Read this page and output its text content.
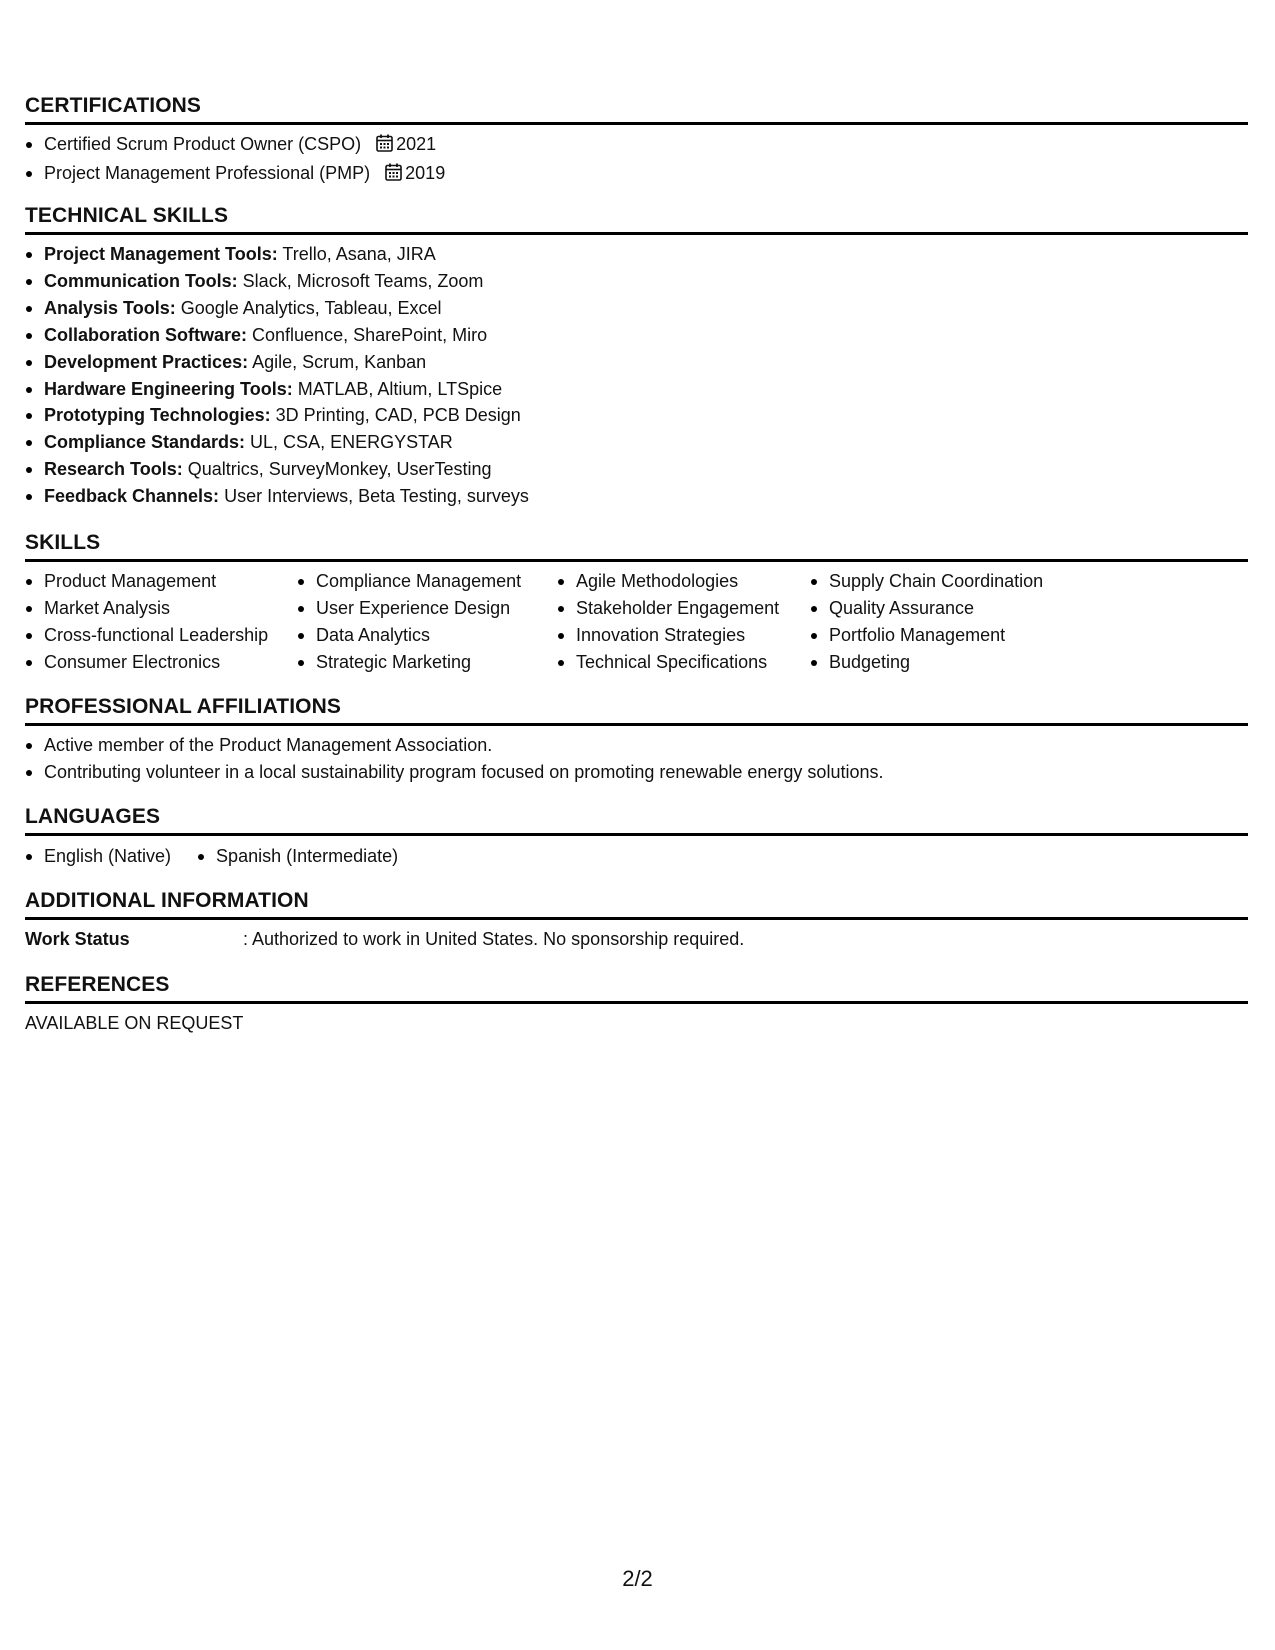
CERTIFICATIONS
Certified Scrum Product Owner (CSPO) 2021
Project Management Professional (PMP) 2019
TECHNICAL SKILLS
Project Management Tools: Trello, Asana, JIRA
Communication Tools: Slack, Microsoft Teams, Zoom
Analysis Tools: Google Analytics, Tableau, Excel
Collaboration Software: Confluence, SharePoint, Miro
Development Practices: Agile, Scrum, Kanban
Hardware Engineering Tools: MATLAB, Altium, LTSpice
Prototyping Technologies: 3D Printing, CAD, PCB Design
Compliance Standards: UL, CSA, ENERGYSTAR
Research Tools: Qualtrics, SurveyMonkey, UserTesting
Feedback Channels: User Interviews, Beta Testing, surveys
SKILLS
Product Management
Market Analysis
Cross-functional Leadership
Consumer Electronics
Compliance Management
User Experience Design
Data Analytics
Strategic Marketing
Agile Methodologies
Stakeholder Engagement
Innovation Strategies
Technical Specifications
Supply Chain Coordination
Quality Assurance
Portfolio Management
Budgeting
PROFESSIONAL AFFILIATIONS
Active member of the Product Management Association.
Contributing volunteer in a local sustainability program focused on promoting renewable energy solutions.
LANGUAGES
English (Native)	Spanish (Intermediate)
ADDITIONAL INFORMATION
Work Status	: Authorized to work in United States. No sponsorship required.
REFERENCES
AVAILABLE ON REQUEST
2/2
